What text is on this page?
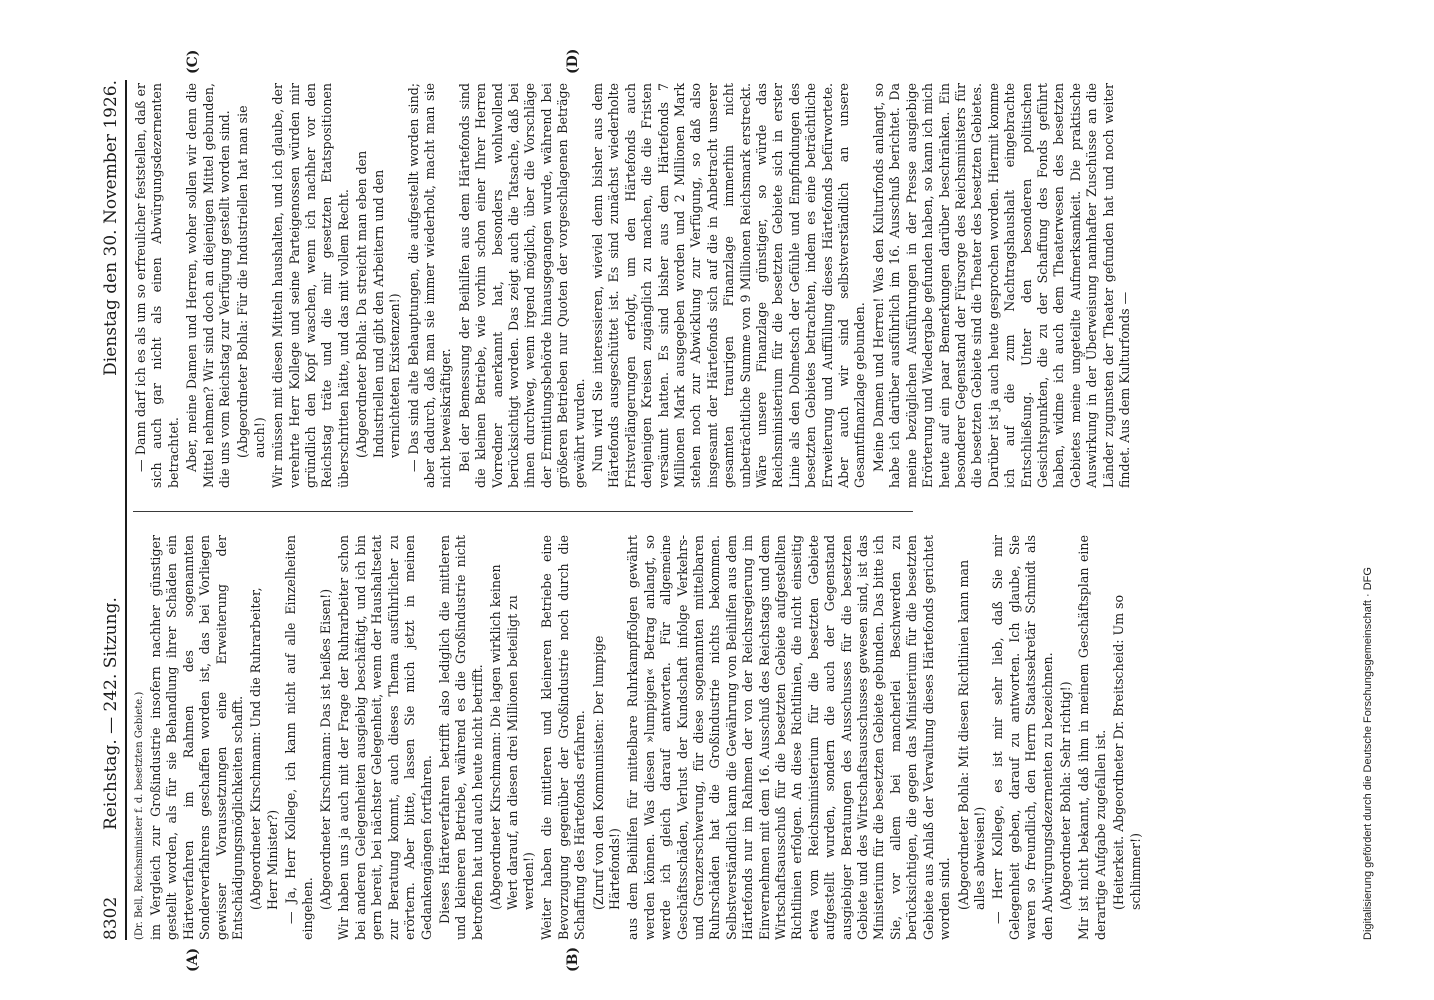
8302
Reichstag. — 242. Sitzung.
Dienstag den 30. November 1926.
(A)	(B)
(C)	(D)

(Dr. Bell, Reichsminister f. d. besetzten Gebiete.) im Vergleich zur Großindustrie insofern nachher günstiger gestellt worden, als für sie Behandlung ihrer Schäden ein Härteverfahren im Rahmen des sogenannten Sonderverfahrens geschaffen worden ist, das bei Vorliegen gewisser Voraussetzungen eine Erweiterung der Entschädigungsmöglichkeiten schafft. (Abgeordneter Kirschmann: Und die Ruhrarbeiter, Herr Minister?) — Ja, Herr Kollege, ich kann nicht auf alle Einzelheiten eingehen. (Abgeordneter Kirschmann: Das ist heißes Eisen!) Wir haben uns ja auch mit der Frage der Ruhrarbeiter schon bei anderen Gelegenheiten ausgiebig beschäftigt, und ich bin gern bereit, bei nächster Gelegenheit, wenn der Haushaltsetat zur Beratung kommt, auch dieses Thema ausführlicher zu erörtern. Aber bitte, lassen Sie mich jetzt in meinen Gedankengängen fortfahren. Dieses Härteverfahren betrifft also lediglich die mittleren und kleineren Betriebe, während es die Großindustrie nicht betroffen hat und auch heute nicht betrifft. (Abgeordneter Kirschmann: Die lagen wirklich keinen Wert darauf, an diesen drei Millionen beteiligt zu werden!) Weiter haben die mittleren und kleineren Betriebe eine Bevorzugung gegenüber der Großindustrie noch durch die Schaffung des Härtefonds erfahren. (Zuruf von den Kommunisten: Der lumpige Härtefonds!) aus dem Beihilfen für mittelbare Ruhrkampffolgen gewährt werden können. Was diesen »lumpigen« Betrag anlangt, so werde ich gleich darauf antworten. Für allgemeine Geschäftsschäden, Verlust der Kundschaft infolge Verkehrs- und Grenzerschwerung, für diese sogenannten mittelbaren Ruhrschäden hat die Großindustrie nichts bekommen. Selbstverständlich kann die Gewährung von Beihilfen aus dem Härtefonds nur im Rahmen der von der Reichsregierung im Einvernehmen mit dem 16. Ausschuß des Reichstags und dem Wirtschaftsausschuß für die besetzten Gebiete aufgestellten Richtlinien erfolgen. An diese Richtlinien, die nicht einseitig etwa vom Reichsministerium für die besetzten Gebiete aufgestellt wurden, sondern die auch der Gegenstand ausgiebiger Beratungen des Ausschusses für die besetzten Gebiete und des Wirtschaftsausschusses gewesen sind, ist das Ministerium für die besetzten Gebiete gebunden. Das bitte ich Sie, vor allem bei mancherlei Beschwerden zu berücksichtigen, die gegen das Ministerium für die besetzten Gebiete aus Anlaß der Verwaltung dieses Härtefonds gerichtet worden sind. (Abgeordneter Bohla: Mit diesen Richtlinien kann man alles abweisen!) — Herr Kollege, es ist mir sehr lieb, daß Sie mir Gelegenheit geben, darauf zu antworten. Ich glaube, Sie waren so freundlich, den Herrn Staatssekretär Schmidt als den Abwürgungsdezernenten zu bezeichnen. (Abgeordneter Bohla: Sehr richtig!) Mir ist nicht bekannt, daß ihm in meinem Geschäftsplan eine derartige Aufgabe zugefallen ist. (Heiterkeit. Abgeordneter Dr. Breitscheid: Um so schlimmer!)

— Dann darf ich es als um so erfreulicher feststellen, daß er sich auch gar nicht als einen Abwürgungsdezernenten betrachtet. Aber, meine Damen und Herren, woher sollen wir denn die Mittel nehmen? Wir sind doch an diejenigen Mittel gebunden, die uns vom Reichstag zur Verfügung gestellt worden sind. (Abgeordneter Bohla: Für die Industriellen hat man sie auch!) Wir müssen mit diesen Mitteln haushalten, und ich glaube, der verehrte Herr Kollege und seine Parteigenossen würden mir gründlich den Kopf waschen, wenn ich nachher vor den Reichstag träte und die mir gesetzten Etatspositionen überschritten hätte, und das mit vollem Recht. (Abgeordneter Bohla: Da streicht man eben den Industriellen und gibt den Arbeitern und den vernichteten Existenzen!) — Das sind alte Behauptungen, die aufgestellt worden sind; aber dadurch, daß man sie immer wiederholt, macht man sie nicht beweiskräftiger. Bei der Bemessung der Beihilfen aus dem Härtefonds sind die kleinen Betriebe, wie vorhin schon einer Ihrer Herren Vorredner anerkannt hat, besonders wohlwollend berücksichtigt worden. Das zeigt auch die Tatsache, daß bei ihnen durchweg, wenn irgend möglich, über die Vorschläge der Ermittlungsbehörde hinausgegangen wurde, während bei größeren Betrieben nur Quoten der vorgeschlagenen Beträge gewährt wurden. Nun wird Sie interessieren, wieviel denn bisher aus dem Härtefonds ausgeschüttet ist. Es sind zunächst wiederholte Fristverlängerungen erfolgt, um den Härtefonds auch denjenigen Kreisen zugänglich zu machen, die die Fristen versäumt hatten. Es sind bisher aus dem Härtefonds 7 Millionen Mark ausgegeben worden und 2 Millionen Mark stehen noch zur Abwicklung zur Verfügung, so daß also insgesamt der Härtefonds sich auf die in Anbetracht unserer gesamten traurigen Finanzlage immerhin nicht unbeträchtliche Summe von 9 Millionen Reichsmark erstreckt. Wäre unsere Finanzlage günstiger, so würde das Reichsministerium für die besetzten Gebiete sich in erster Linie als den Dolmetsch der Gefühle und Empfindungen des besetzten Gebietes betrachten, indem es eine beträchtliche Erweiterung und Auffüllung dieses Härtefonds befürwortete. Aber auch wir sind selbstverständlich an unsere Gesamtfinanzlage gebunden. Meine Damen und Herren! Was den Kulturfonds anlangt, so habe ich darüber ausführlich im 16. Ausschuß berichtet. Da meine bezüglichen Ausführungen in der Presse ausgiebige Erörterung und Wiedergabe gefunden haben, so kann ich mich heute auf ein paar Bemerkungen darüber beschränken. Ein besonderer Gegenstand der Fürsorge des Reichsministers für die besetzten Gebiete sind die Theater des besetzten Gebietes. Darüber ist ja auch heute gesprochen worden. Hiermit komme ich auf die zum Nachtragshaushalt eingebrachte Entschließung. Unter den besonderen politischen Gesichtspunkten, die zu der Schaffung des Fonds geführt haben, widme ich auch dem Theaterwesen des besetzten Gebietes meine ungeteilte Aufmerksamkeit. Die praktische Auswirkung in der Überweisung namhafter Zuschüsse an die Länder zugunsten der Theater gefunden hat und noch weiter findet. Aus dem Kulturfonds —

Digitalisierung gefördert durch die Deutsche Forschungsgemeinschaft · DFG
